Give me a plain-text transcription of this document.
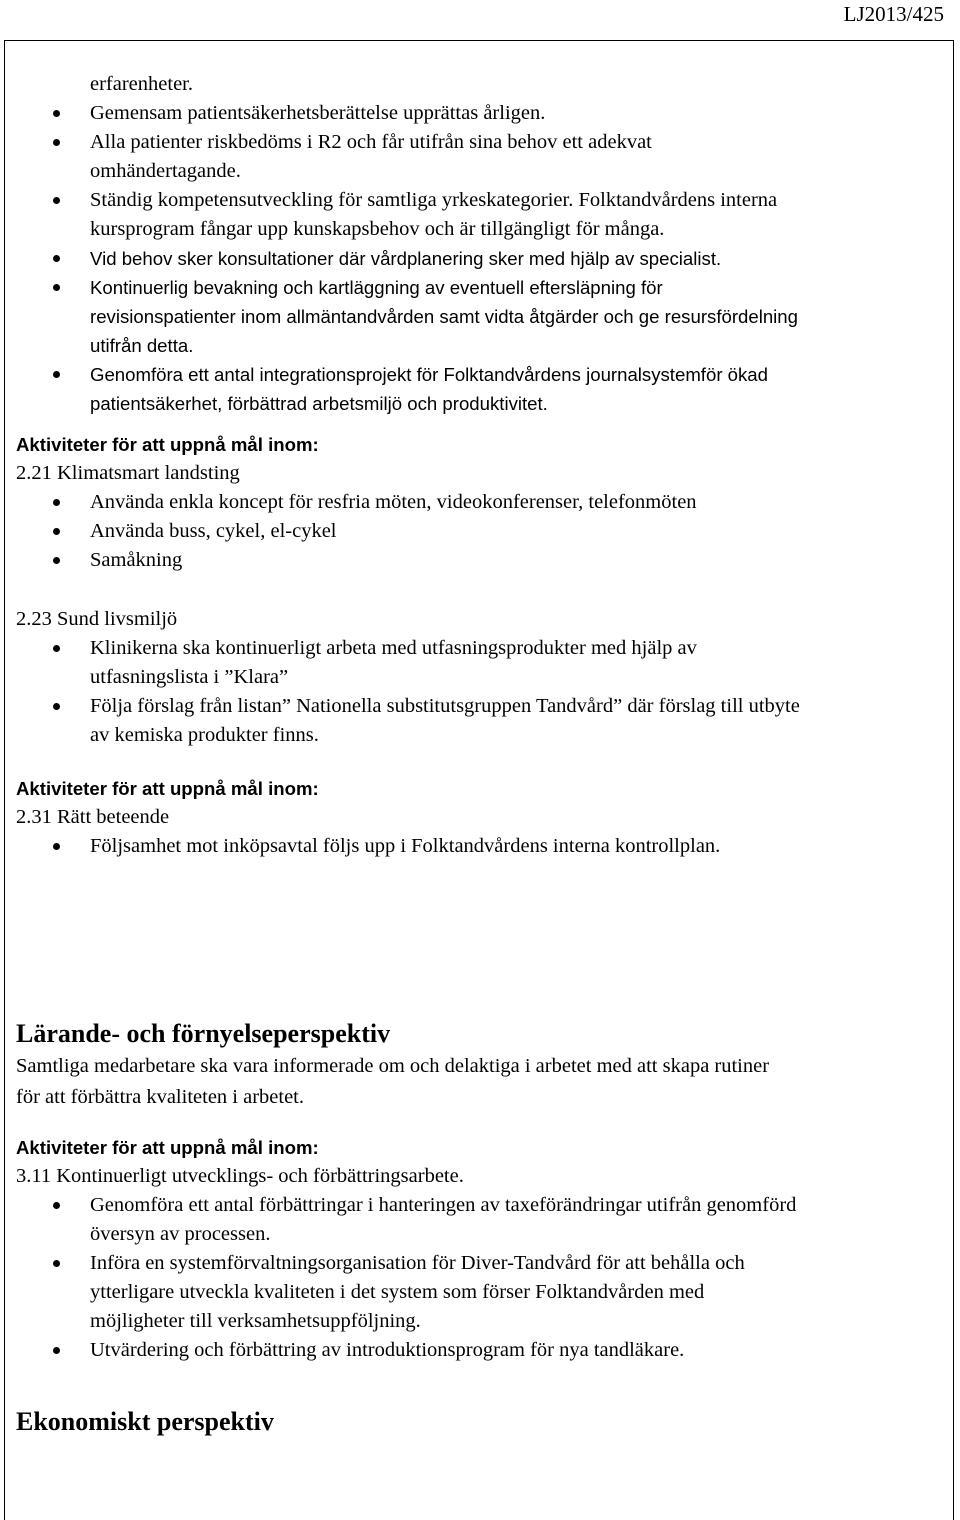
LJ2013/425
erfarenheter.
Gemensam patientsäkerhetsberättelse upprättas årligen.
Alla patienter riskbedöms i R2 och får utifrån sina behov ett adekvat
omhändertagande.
Ständig kompetensutveckling för samtliga yrkeskategorier. Folktandvårdens interna
kursprogram fångar upp kunskapsbehov och är tillgängligt för många.
Vid behov sker konsultationer där vårdplanering sker med hjälp av specialist.
Kontinuerlig bevakning och kartläggning av eventuell eftersläpning för
revisionspatienter inom allmäntandvården samt vidta åtgärder och ge resursfördelning
utifrån detta.
Genomföra ett antal integrationsprojekt för Folktandvårdens journalsystemför ökad
patientsäkerhet, förbättrad arbetsmiljö och produktivitet.
Aktiviteter för att uppnå mål inom:
2.21 Klimatsmart landsting
Använda enkla koncept för resfria möten, videokonferenser, telefonmöten
Använda buss, cykel, el-cykel
Samåkning
2.23 Sund livsmiljö
Klinikerna ska kontinuerligt arbeta med utfasningsprodukter med hjälp av
utfasningslista i ”Klara”
Följa förslag från listan” Nationella substitutsgruppen Tandvård” där förslag till utbyte
av kemiska produkter finns.
Aktiviteter för att uppnå mål inom:
2.31 Rätt beteende
Följsamhet mot inköpsavtal följs upp i Folktandvårdens interna kontrollplan.
Lärande- och förnyelseperspektiv
Samtliga medarbetare ska vara informerade om och delaktiga i arbetet med att skapa rutiner
för att förbättra kvaliteten i arbetet.
Aktiviteter för att uppnå mål inom:
3.11 Kontinuerligt utvecklings- och förbättringsarbete.
Genomföra ett antal förbättringar i hanteringen av taxeförändringar utifrån genomförd
översyn av processen.
Införa en systemförvaltningsorganisation för Diver-Tandvård för att behålla och
ytterligare utveckla kvaliteten i det system som förser Folktandvården med
möjligheter till verksamhetsuppföljning.
Utvärdering och förbättring av introduktionsprogram för nya tandläkare.
Ekonomiskt perspektiv
